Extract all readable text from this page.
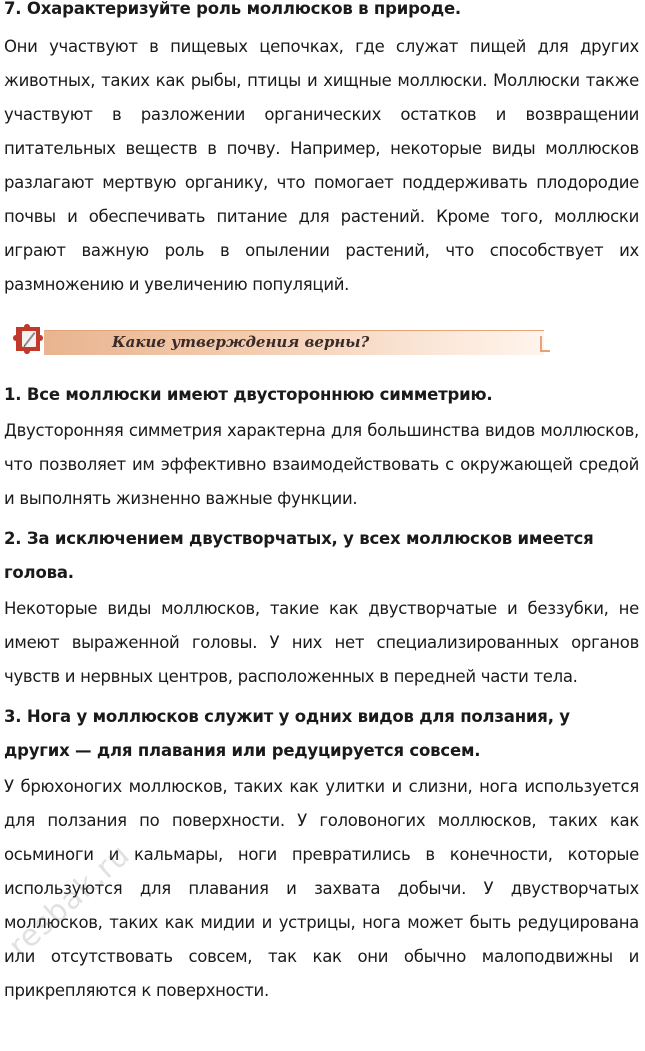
7. Охарактеризуйте роль моллюсков в природе.

Они участвуют в пищевых цепочках, где служат пищей для других животных, таких как рыбы, птицы и хищные моллюски. Моллюски также участвуют в разложении органических остатков и возвращении питательных веществ в почву. Например, некоторые виды моллюсков разлагают мертвую органику, что помогает поддерживать плодородие почвы и обеспечивать питание для растений. Кроме того, моллюски играют важную роль в опылении растений, что способствует их размножению и увеличению популяций.

Какие утверждения верны?
1. Все моллюски имеют двустороннюю симметрию.

Двусторонняя симметрия характерна для большинства видов моллюсков, что позволяет им эффективно взаимодействовать с окружающей средой и выполнять жизненно важные функции.

2. За исключением двустворчатых, у всех моллюсков имеется голова.

Некоторые виды моллюсков, такие как двустворчатые и беззубки, не имеют выраженной головы. У них нет специализированных органов чувств и нервных центров, расположенных в передней части тела.

3. Нога у моллюсков служит у одних видов для ползания, у других — для плавания или редуцируется совсем.

У брюхоногих моллюсков, таких как улитки и слизни, нога используется для ползания по поверхности. У головоногих моллюсков, таких как осьминоги и кальмары, ноги превратились в конечности, которые используются для плавания и захвата добычи. У двустворчатых моллюсков, таких как мидии и устрицы, нога может быть редуцирована или отсутствовать совсем, так как они обычно малоподвижны и прикрепляются к поверхности.

resbak.ru
